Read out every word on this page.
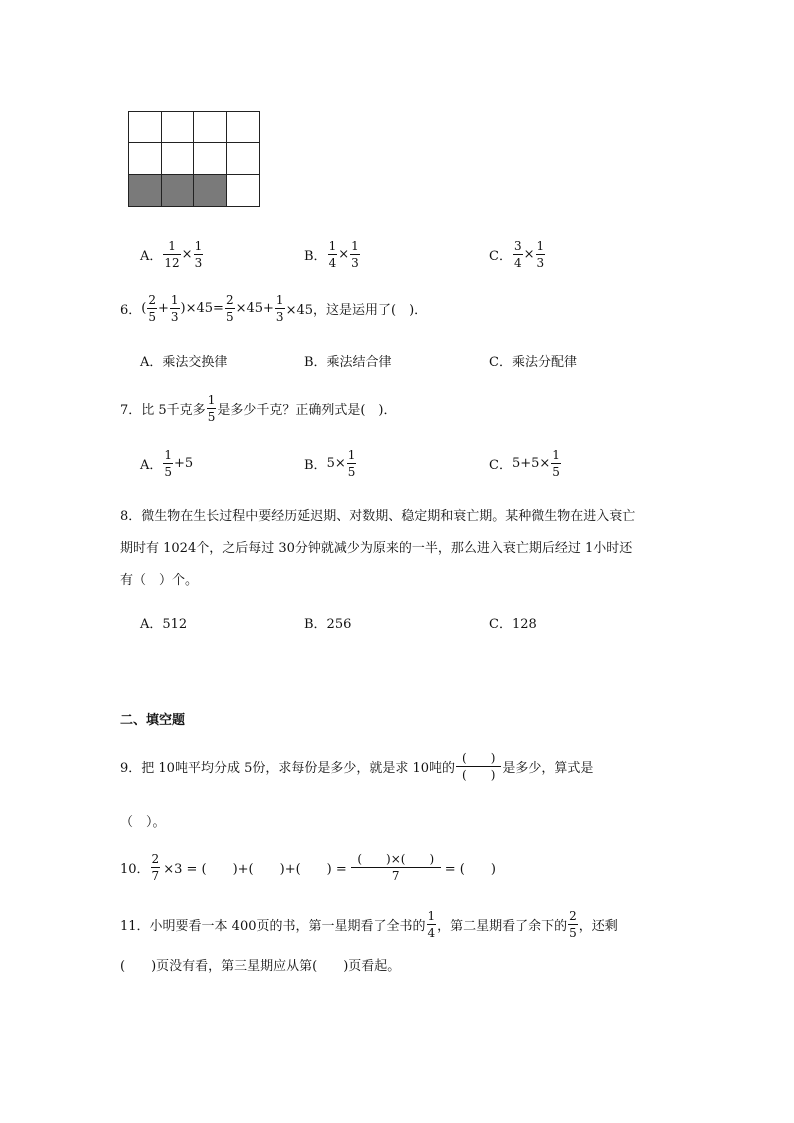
A． $\frac{1}{12} \times \frac{1}{3}$	B． $\frac{1}{4} \times \frac{1}{3}$	C． $\frac{3}{4} \times \frac{1}{3}$
6． ( $\frac{2}{5} + \frac{1}{3} )\times 45= \frac{2}{5} \times 45+ \frac{1}{3} \times 45$，这是运用了(　)．
A．乘法交换律	B．乘法结合律	C．乘法分配律
7． 比 5千克多 $\frac{1}{5}$ 是多少千克？正确列式是(　)．
A． $\frac{1}{5} +5$	B． $5\times \frac{1}{5}$	C． $5+5\times \frac{1}{5}$
8．微生物在生长过程中要经历延迟期、对数期、稳定期和衰亡期。某种微生物在进入衰亡
期时有 1024个，之后每过 30分钟就减少为原来的一半，那么进入衰亡期后经过 1小时还
有（　）个。
A．512	B．256	C．128
二、填空题
9．把 10吨平均分成 5份，求每份是多少，就是求 10吨的 $\frac{( )}{( )}$ 是多少，算式是
（　）。
10． $\frac{2}{7} \times 3$ = (　　)+(　　)+(　　) = $\frac{( )\times( )}{7}$ = (　　)
11．小明要看一本 400页的书，第一星期看了全书的 $\frac{1}{4}$ ，第二星期看了余下的 $\frac{2}{5}$ ，还剩
(　　)页没有看，第三星期应从第(　　)页看起。
